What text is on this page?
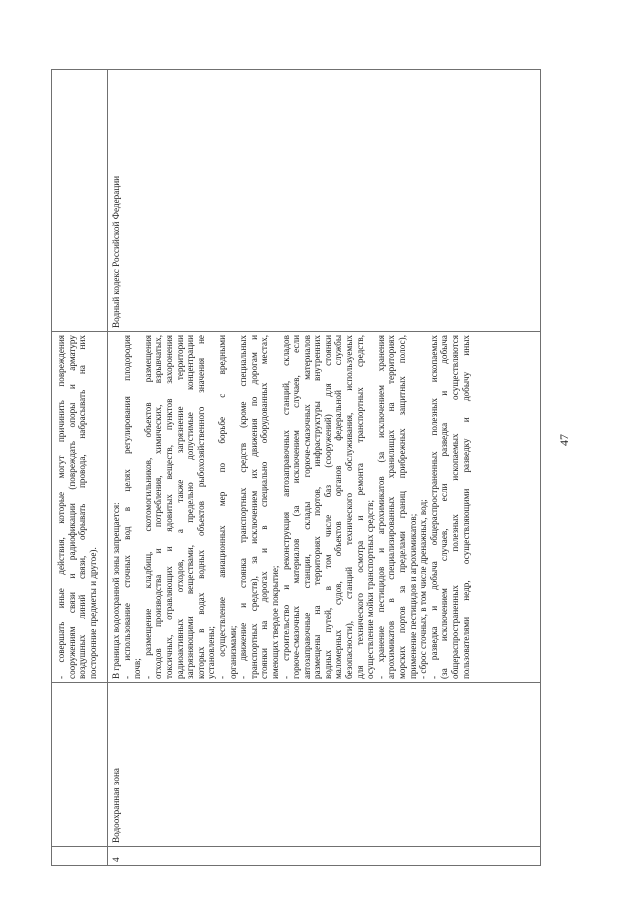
47
- совершать иные действия, которые могут причинить повреждения сооружениям связи и радиофикации (повреждать опоры и арматуру воздушных линий связи, обрывать провода, набрасывать на них посторонние предметы и другое).
4
Водоохранная зона
Водный кодекс Российской Федерации
В границах водоохранной зоны запрещается: - использование сточных вод в целях регулирования плодородия почв; - размещение кладбищ, скотомогильников, объектов размещения отходов производства и потребления, химических, взрывчатых, токсичных, отравляющих и ядовитых веществ, пунктов захоронения радиоактивных отходов, а также загрязнение территории загрязняющими веществами, предельно допустимые концентрации которых в водах водных объектов рыбохозяйственного значения не установлены; - осуществление авиационных мер по борьбе с вредными организмами; - движение и стоянка транспортных средств (кроме специальных транспортных средств), за исключением их движения по дорогам и стоянки на дорогах и в специально оборудованных местах, имеющих твердое покрытие; - строительство и реконструкция автозаправочных станций, складов горюче-смазочных материалов (за исключением случаев, если автозаправочные станции, склады горюче-смазочных материалов размещены на территориях портов, инфраструктуры внутренних водных путей, в том числе баз (сооружений) для стоянки маломерных судов, объектов органов федеральной службы безопасности), станций технического обслуживания, используемых для технического осмотра и ремонта транспортных средств, осуществление мойки транспортных средств; - хранение пестицидов и агрохимикатов (за исключением хранения агрохимикатов в специализированных хранилищах на территориях морских портов за пределами границ прибрежных защитных полос), применение пестицидов и агрохимикатов; - сброс сточных, в том числе дренажных, вод; - разведка и добыча общераспространенных полезных ископаемых (за исключением случаев, если разведка и добыча общераспространенных полезных ископаемых осуществляются пользователями недр, осуществляющими разведку и добычу иных
